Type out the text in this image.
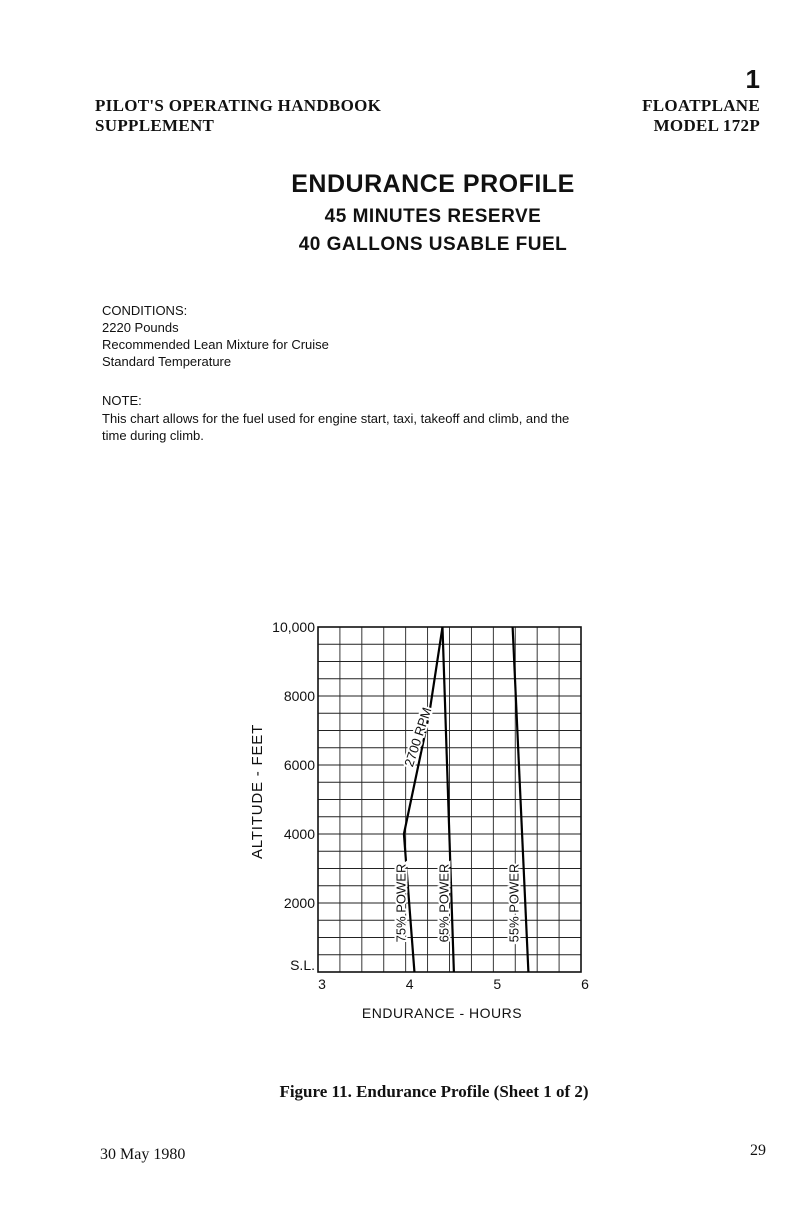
1
PILOT'S OPERATING HANDBOOK
SUPPLEMENT
FLOATPLANE
MODEL 172P
ENDURANCE PROFILE
45 MINUTES RESERVE
40 GALLONS USABLE FUEL
CONDITIONS:
2220 Pounds
Recommended Lean Mixture for Cruise
Standard Temperature
NOTE:
This chart allows for the fuel used for engine start, taxi, takeoff and climb, and the
time during climb.
75% POWER 65% POWER	55% POWER
2700 RPM
S.L.
2000
4000
6000
8000
10,000
3	4	5	6
ENDURANCE - HOURS
ALTITUDE - FEET
Figure 11. Endurance Profile (Sheet 1 of 2)
30 May 1980	29
